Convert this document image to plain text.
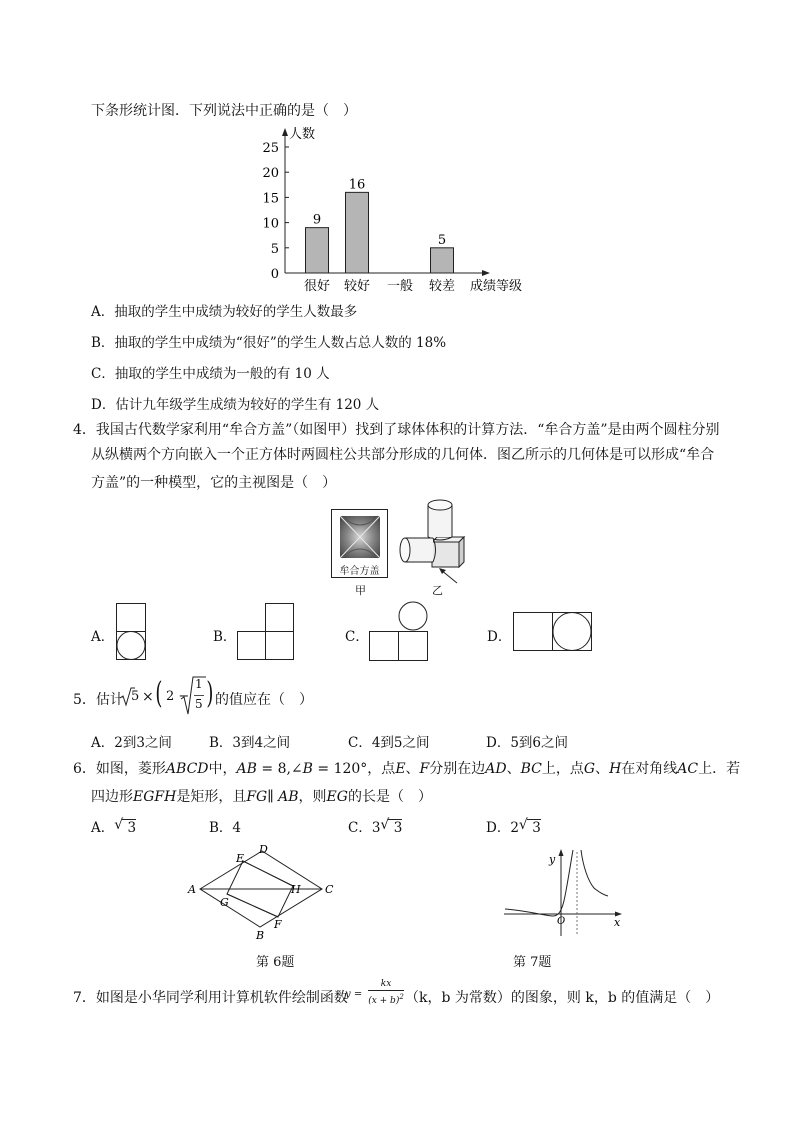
下条形统计图．下列说法中正确的是（　）
0
5
10
15
20
25
人数
9
很好
16
较好 一般
5
较差 成绩等级
A．抽取的学生中成绩为较好的学生人数最多
B．抽取的学生中成绩为“很好”的学生人数占总人数的 18%
C．抽取的学生中成绩为一般的有 10 人
D．估计九年级学生成绩为较好的学生有 120 人
4．我国古代数学家利用“牟合方盖”（如图甲）找到了球体体积的计算方法．“牟合方盖”是由两个圆柱分别
从纵横两个方向嵌入一个正方体时两圆柱公共部分形成的几何体．图乙所示的几何体是可以形成“牟合
方盖”的一种模型，它的主视图是（　）
牟合方盖
甲	乙
A．	B．	C．	D．
5．估计 5 × ( 2 −
1
5 ) 的值应在（　）
A．2到3之间	B．3到4之间	C．4到5之间	D．5到6之间
6．如图，菱形ABCD中，AB = 8,∠B = 120°，点E、F分别在边AD、BC上，点G、H在对角线AC上．若
四边形EGFH是矩形，且FG∥ AB，则EG的长是（　）
A． √ 3	B．4	C．3 √ 3	D．2 √ 3
A
B
C
D
E
F
G
H
第 6题
y
O	x
第 7题
7．如图是小华同学利用计算机软件绘制函数
y =
kx
$(x + b)^2$ （k，b 为常数）的图象，则 k，b 的值满足（　）
